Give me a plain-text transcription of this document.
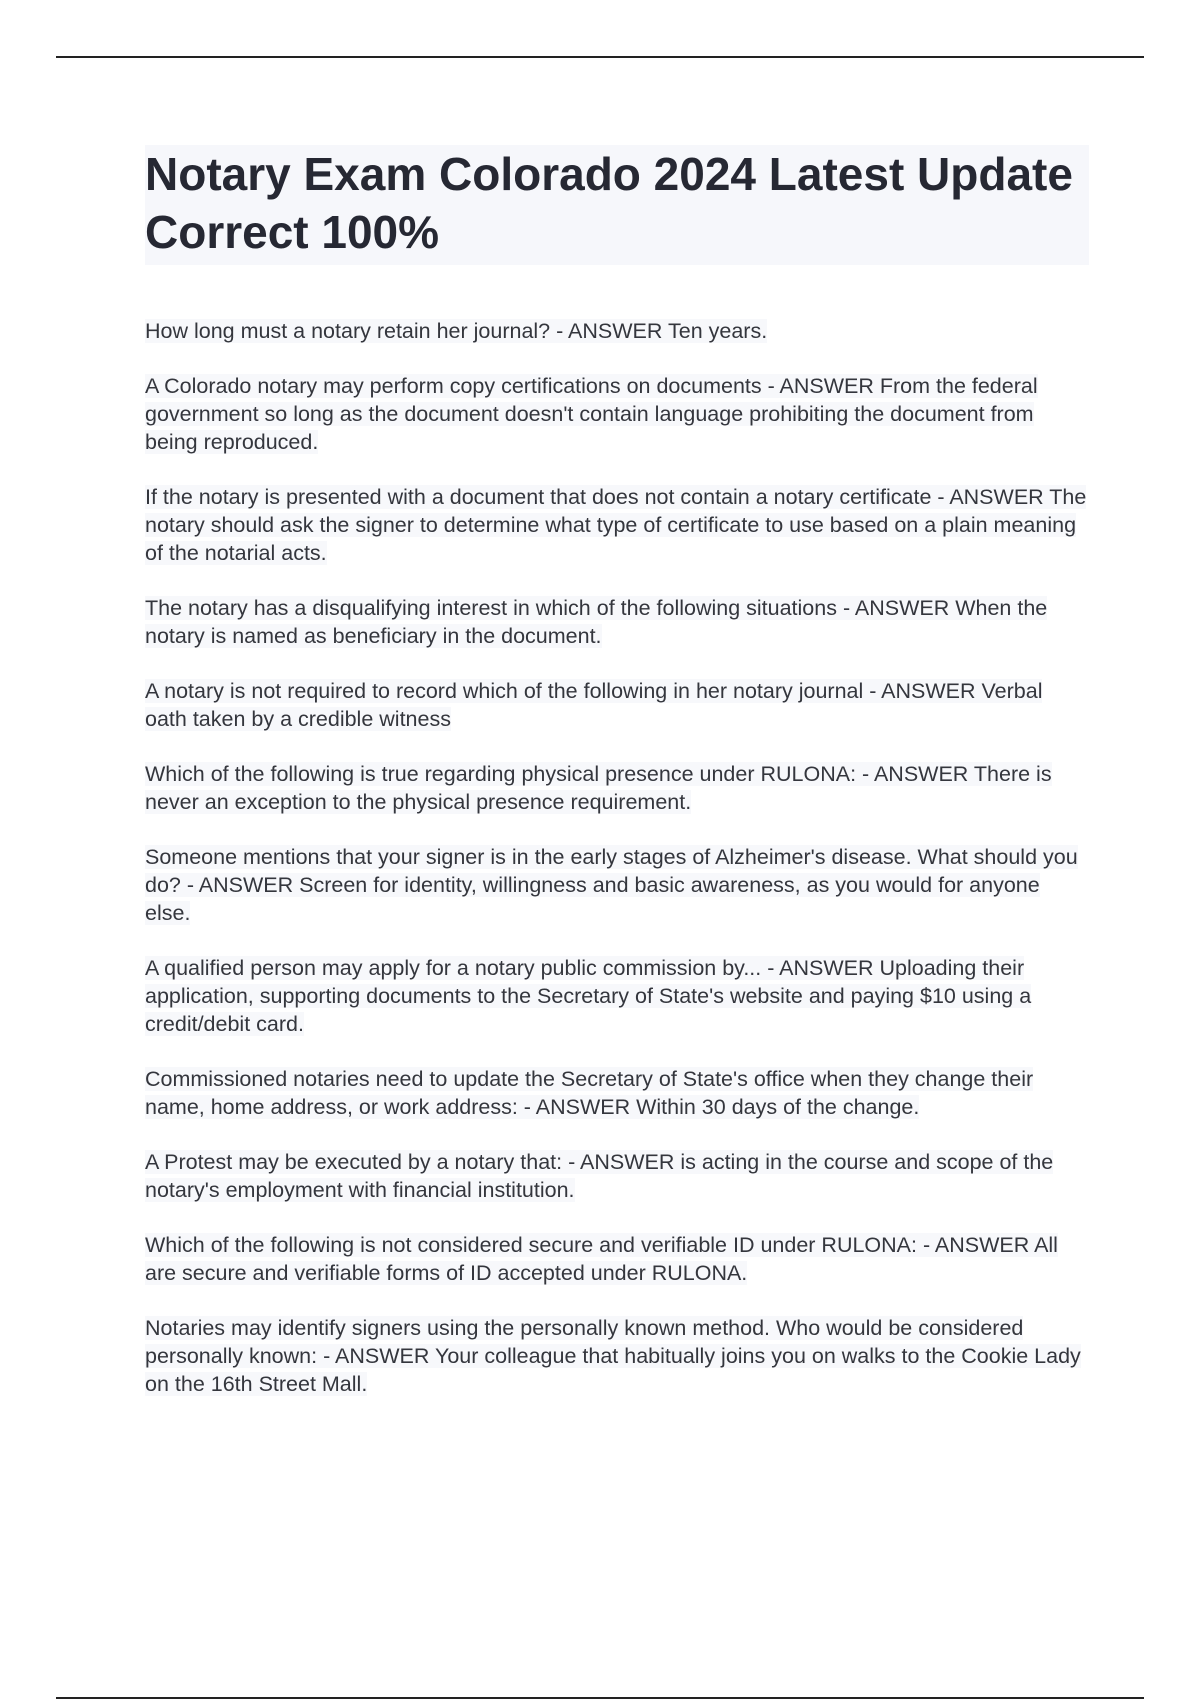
Notary Exam Colorado 2024 Latest Update Correct 100%
How long must a notary retain her journal? - ANSWER Ten years.
A Colorado notary may perform copy certifications on documents - ANSWER From the federal government so long as the document doesn't contain language prohibiting the document from being reproduced.
If the notary is presented with a document that does not contain a notary certificate - ANSWER The notary should ask the signer to determine what type of certificate to use based on a plain meaning of the notarial acts.
The notary has a disqualifying interest in which of the following situations - ANSWER When the notary is named as beneficiary in the document.
A notary is not required to record which of the following in her notary journal - ANSWER Verbal oath taken by a credible witness
Which of the following is true regarding physical presence under RULONA: - ANSWER There is never an exception to the physical presence requirement.
Someone mentions that your signer is in the early stages of Alzheimer's disease. What should you do? - ANSWER Screen for identity, willingness and basic awareness, as you would for anyone else.
A qualified person may apply for a notary public commission by... - ANSWER Uploading their application, supporting documents to the Secretary of State's website and paying $10 using a credit/debit card.
Commissioned notaries need to update the Secretary of State's office when they change their name, home address, or work address: - ANSWER Within 30 days of the change.
A Protest may be executed by a notary that: - ANSWER is acting in the course and scope of the notary's employment with financial institution.
Which of the following is not considered secure and verifiable ID under RULONA: - ANSWER All are secure and verifiable forms of ID accepted under RULONA.
Notaries may identify signers using the personally known method. Who would be considered personally known: - ANSWER Your colleague that habitually joins you on walks to the Cookie Lady on the 16th Street Mall.
